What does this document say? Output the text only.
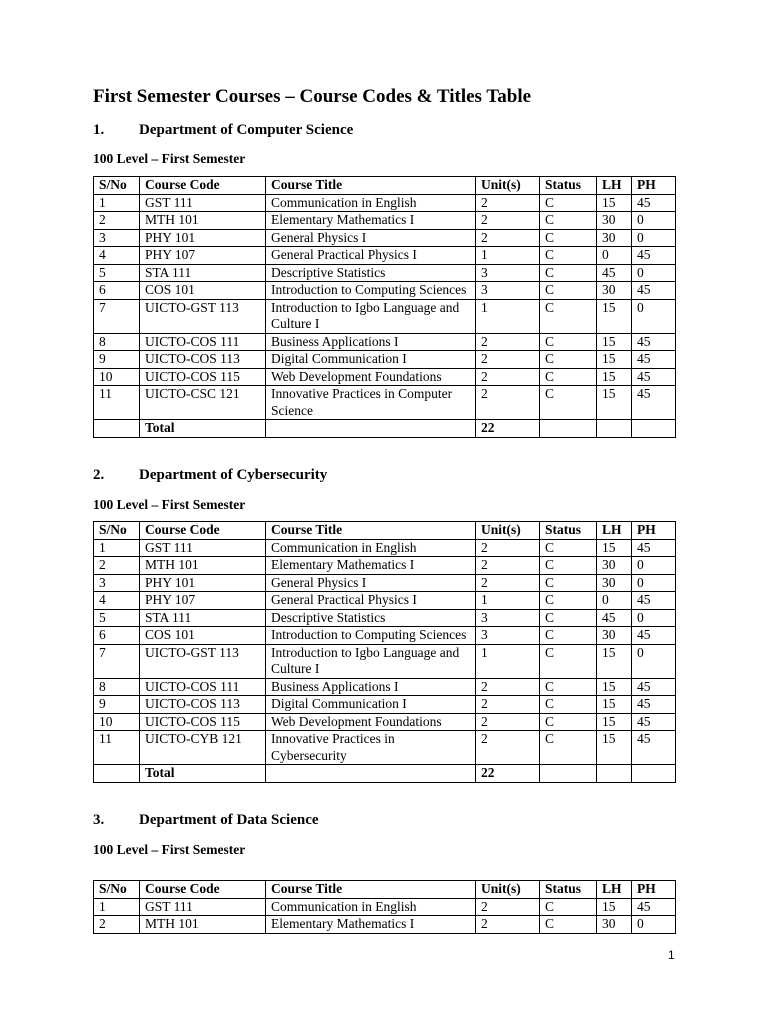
First Semester Courses – Course Codes & Titles Table
1. Department of Computer Science
100 Level – First Semester
S/No	Course Code	Course Title	Unit(s)	Status	LH	PH
1	GST 111	Communication in English	2	C	15	45
2	MTH 101	Elementary Mathematics I	2	C	30	0
3	PHY 101	General Physics I	2	C	30	0
4	PHY 107	General Practical Physics I	1	C	0	45
5	STA 111	Descriptive Statistics	3	C	45	0
6	COS 101	Introduction to Computing Sciences	3	C	30	45
7	UICTO-GST 113	Introduction to Igbo Language and Culture I	1	C	15	0
8	UICTO-COS 111	Business Applications I	2	C	15	45
9	UICTO-COS 113	Digital Communication I	2	C	15	45
10	UICTO-COS 115	Web Development Foundations	2	C	15	45
11	UICTO-CSC 121	Innovative Practices in Computer Science	2	C	15	45
	Total		22			
2. Department of Cybersecurity
100 Level – First Semester
S/No	Course Code	Course Title	Unit(s)	Status	LH	PH
1	GST 111	Communication in English	2	C	15	45
2	MTH 101	Elementary Mathematics I	2	C	30	0
3	PHY 101	General Physics I	2	C	30	0
4	PHY 107	General Practical Physics I	1	C	0	45
5	STA 111	Descriptive Statistics	3	C	45	0
6	COS 101	Introduction to Computing Sciences	3	C	30	45
7	UICTO-GST 113	Introduction to Igbo Language and Culture I	1	C	15	0
8	UICTO-COS 111	Business Applications I	2	C	15	45
9	UICTO-COS 113	Digital Communication I	2	C	15	45
10	UICTO-COS 115	Web Development Foundations	2	C	15	45
11	UICTO-CYB 121	Innovative Practices in Cybersecurity	2	C	15	45
	Total		22			
3. Department of Data Science
100 Level – First Semester
S/No	Course Code	Course Title	Unit(s)	Status	LH	PH
1	GST 111	Communication in English	2	C	15	45
2	MTH 101	Elementary Mathematics I	2	C	30	0
1
